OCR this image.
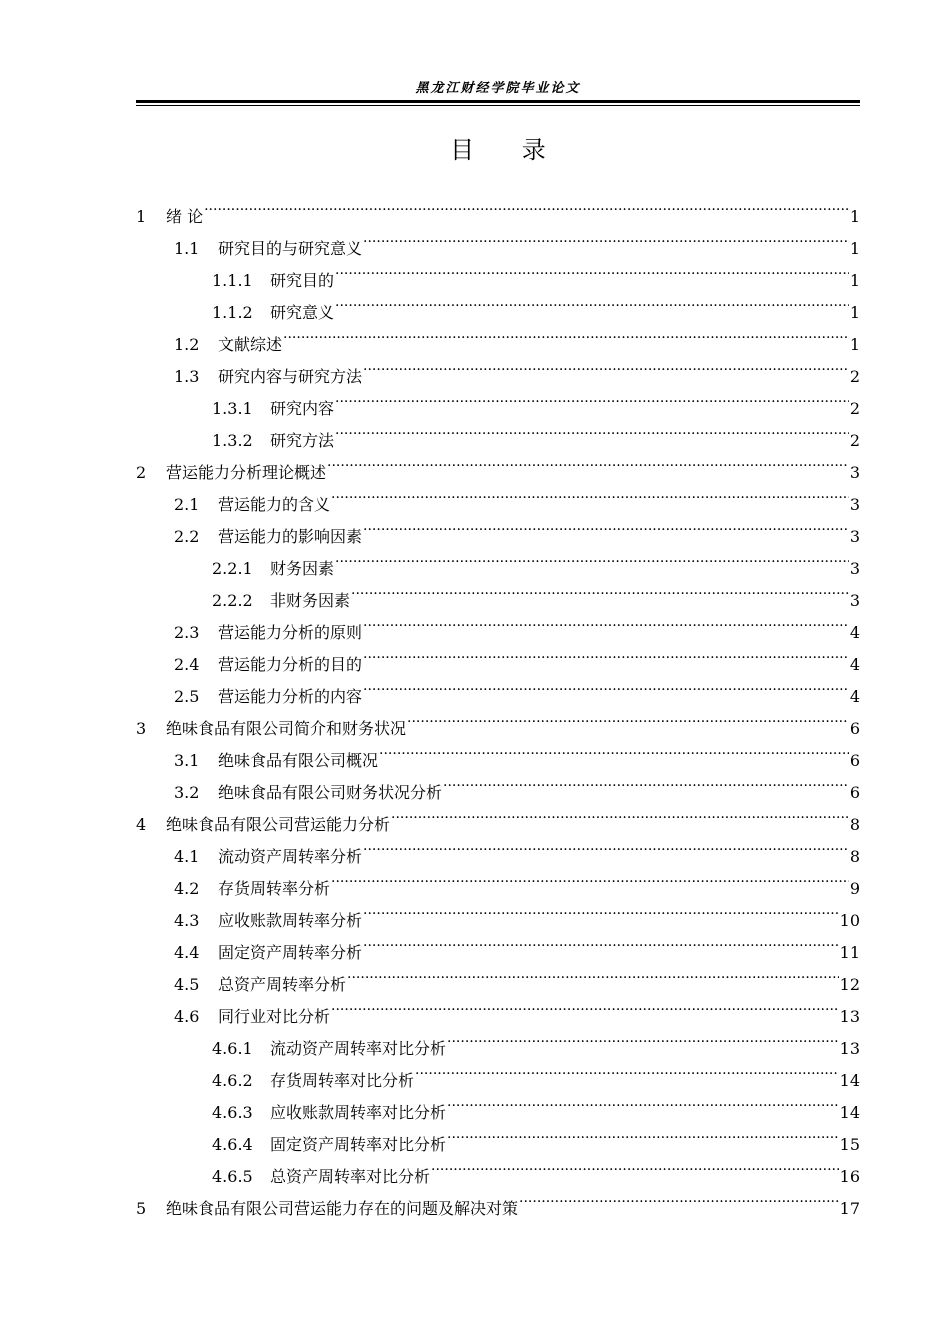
黑龙江财经学院毕业论文
目 录
1	绪 论 .....	1
1.1	研究目的与研究意义 .....	1
1.1.1	研究目的 .....	1
1.1.2	研究意义 .....	1
1.2	文献综述 .....	1
1.3	研究内容与研究方法 .....	2
1.3.1	研究内容 .....	2
1.3.2	研究方法 .....	2
2	营运能力分析理论概述 .....	3
2.1	营运能力的含义 .....	3
2.2	营运能力的影响因素 .....	3
2.2.1	财务因素 .....	3
2.2.2	非财务因素 .....	3
2.3	营运能力分析的原则 .....	4
2.4	营运能力分析的目的 .....	4
2.5	营运能力分析的内容 .....	4
3	绝味食品有限公司简介和财务状况 .....	6
3.1	绝味食品有限公司概况 .....	6
3.2	绝味食品有限公司财务状况分析 .....	6
4	绝味食品有限公司营运能力分析 .....	8
4.1	流动资产周转率分析 .....	8
4.2	存货周转率分析 .....	9
4.3	应收账款周转率分析 .....	10
4.4	固定资产周转率分析 .....	11
4.5	总资产周转率分析 .....	12
4.6	同行业对比分析 .....	13
4.6.1	流动资产周转率对比分析 .....	13
4.6.2	存货周转率对比分析 .....	14
4.6.3	应收账款周转率对比分析 .....	14
4.6.4	固定资产周转率对比分析 .....	15
4.6.5	总资产周转率对比分析 .....	16
5	绝味食品有限公司营运能力存在的问题及解决对策 .....	17
